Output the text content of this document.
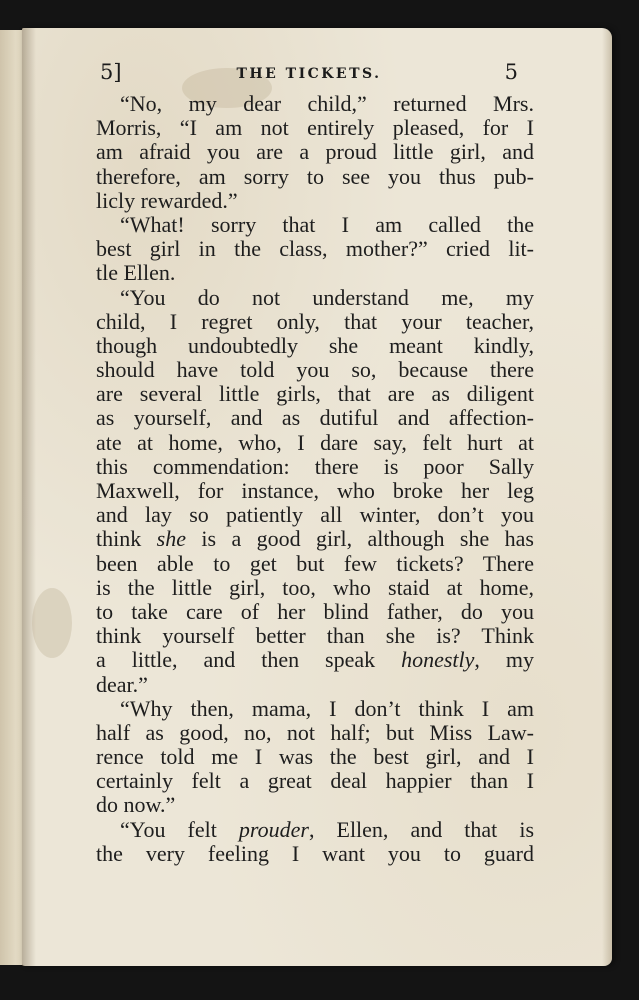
5]	THE TICKETS.	5
“No, my dear child,” returned Mrs.
Morris, “I am not entirely pleased, for I
am afraid you are a proud little girl, and
therefore, am sorry to see you thus pub-
licly rewarded.”
“What! sorry that I am called the
best girl in the class, mother?” cried lit-
tle Ellen.
“You do not understand me, my
child, I regret only, that your teacher,
though undoubtedly she meant kindly,
should have told you so, because there
are several little girls, that are as diligent
as yourself, and as dutiful and affection-
ate at home, who, I dare say, felt hurt at
this commendation: there is poor Sally
Maxwell, for instance, who broke her leg
and lay so patiently all winter, don’t you
think she is a good girl, although she has
been able to get but few tickets? There
is the little girl, too, who staid at home,
to take care of her blind father, do you
think yourself better than she is? Think
a little, and then speak honestly, my
dear.”
“Why then, mama, I don’t think I am
half as good, no, not half; but Miss Law-
rence told me I was the best girl, and I
certainly felt a great deal happier than I
do now.”
“You felt prouder, Ellen, and that is
the very feeling I want you to guard
